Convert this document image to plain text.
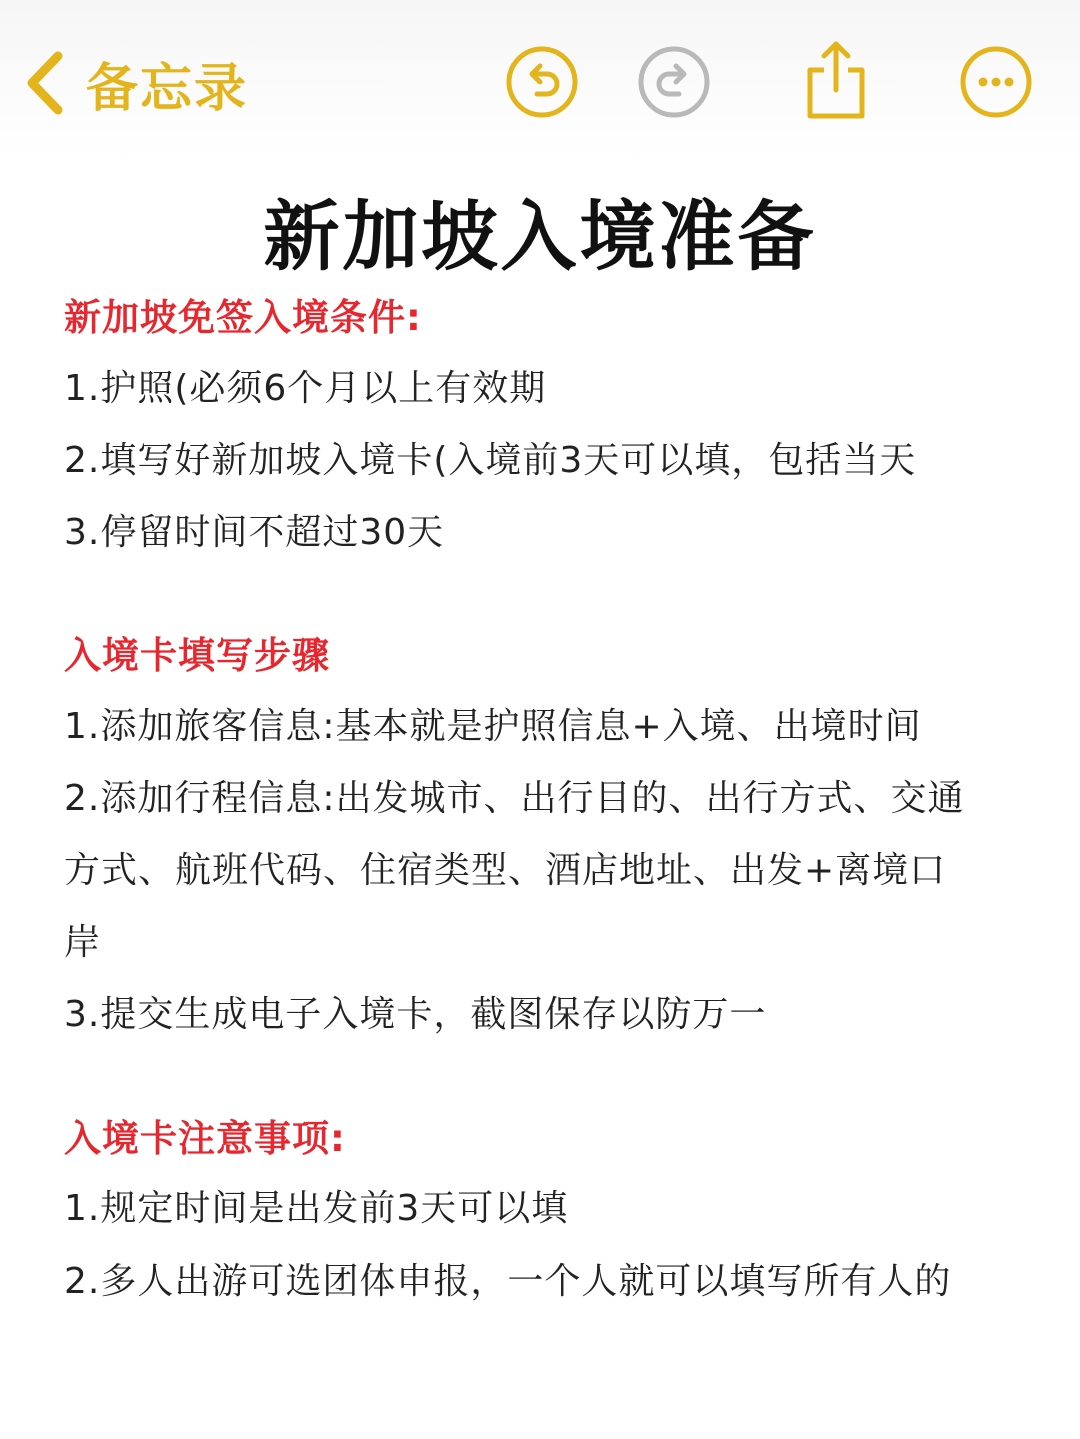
备忘录
新加坡入境准备
新加坡免签入境条件:
1.护照(必须6个月以上有效期
2.填写好新加坡入境卡(入境前3天可以填，包括当天
3.停留时间不超过30天
入境卡填写步骤
1.添加旅客信息:基本就是护照信息+入境、出境时间
2.添加行程信息:出发城市、出行目的、出行方式、交通
方式、航班代码、住宿类型、酒店地址、出发+离境口
岸
3.提交生成电子入境卡，截图保存以防万一
入境卡注意事项:
1.规定时间是出发前3天可以填
2.多人出游可选团体申报，一个人就可以填写所有人的
